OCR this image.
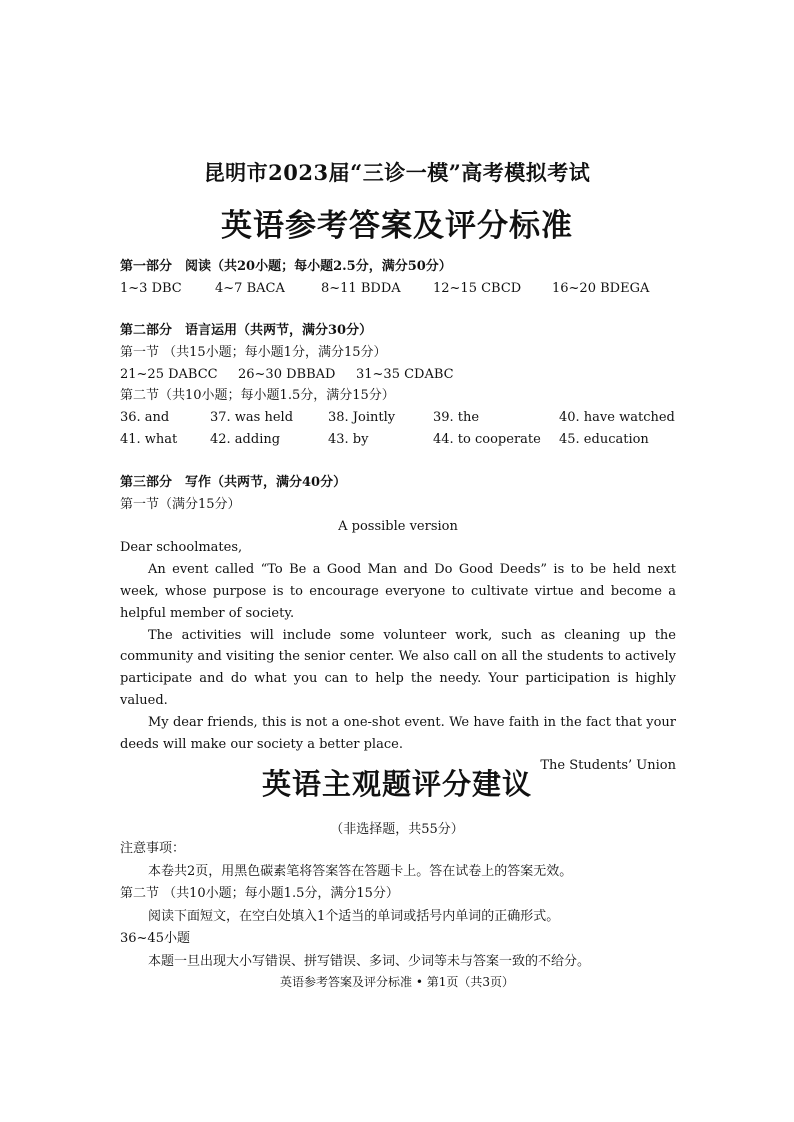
昆明市2023届“三诊一模”高考模拟考试
英语参考答案及评分标准
第一部分　阅读（共20小题；每小题2.5分，满分50分）
1~3 DBC	4~7 BACA	8~11 BDDA	12~15 CBCD	16~20 BDEGA
第二部分　语言运用（共两节，满分30分）
第一节 （共15小题；每小题1分，满分15分）
21~25 DABCC	26~30 DBBAD	31~35 CDABC
第二节（共10小题；每小题1.5分，满分15分）
36. and	37. was held	38. Jointly	39. the	40. have watched
41. what	42. adding	43. by	44. to cooperate	45. education
第三部分　写作（共两节，满分40分）
第一节（满分15分）
A possible version
Dear schoolmates,
An event called “To Be a Good Man and Do Good Deeds” is to be held next week, whose purpose is to encourage everyone to cultivate virtue and become a helpful member of society.
The activities will include some volunteer work, such as cleaning up the community and visiting the senior center. We also call on all the students to actively participate and do what you can to help the needy. Your participation is highly valued.
My dear friends, this is not a one-shot event. We have faith in the fact that your deeds will make our society a better place.
The Students’ Union
英语主观题评分建议
（非选择题，共55分）
注意事项：
本卷共2页，用黑色碳素笔将答案答在答题卡上。答在试卷上的答案无效。
第二节 （共10小题；每小题1.5分，满分15分）
阅读下面短文，在空白处填入1个适当的单词或括号内单词的正确形式。
36~45小题
本题一旦出现大小写错误、拼写错误、多词、少词等未与答案一致的不给分。
英语参考答案及评分标准 • 第1页（共3页）
